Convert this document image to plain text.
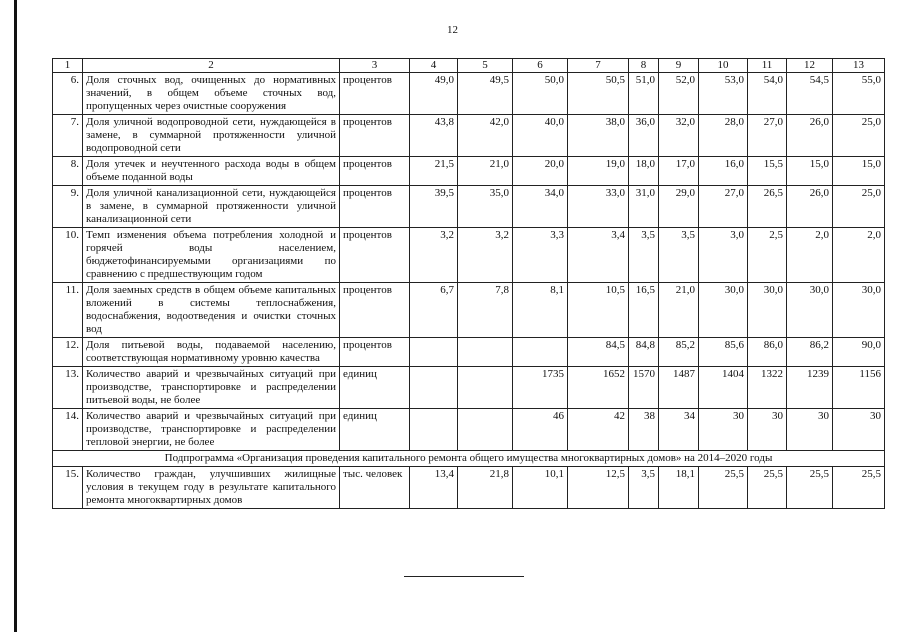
12
1	2	3	4	5	6	7	8	9	10	11	12	13
6.	Доля сточных вод, очищенных до нормативных значений, в общем объеме сточных вод, пропущенных через очистные сооружения	процентов	49,0	49,5	50,0	50,5	51,0	52,0	53,0	54,0	54,5	55,0
7.	Доля уличной водопроводной сети, нуждающейся в замене, в суммарной протяженности уличной водопроводной сети	процентов	43,8	42,0	40,0	38,0	36,0	32,0	28,0	27,0	26,0	25,0
8.	Доля утечек и неучтенного расхода воды в общем объеме поданной воды	процентов	21,5	21,0	20,0	19,0	18,0	17,0	16,0	15,5	15,0	15,0
9.	Доля уличной канализационной сети, нуждающейся в замене, в суммарной протяженности уличной канализационной сети	процентов	39,5	35,0	34,0	33,0	31,0	29,0	27,0	26,5	26,0	25,0
10.	Темп изменения объема потребления холодной и горячей воды населением, бюджетофинансируемыми организациями по сравнению с предшествующим годом	процентов	3,2	3,2	3,3	3,4	3,5	3,5	3,0	2,5	2,0	2,0
11.	Доля заемных средств в общем объеме капитальных вложений в системы теплоснабжения, водоснабжения, водоотведения и очистки сточных вод	процентов	6,7	7,8	8,1	10,5	16,5	21,0	30,0	30,0	30,0	30,0
12.	Доля питьевой воды, подаваемой населению, соответствующая нормативному уровню качества	процентов				84,5	84,8	85,2	85,6	86,0	86,2	90,0
13.	Количество аварий и чрезвычайных ситуаций при производстве, транспортировке и распределении питьевой воды, не более	единиц			1735	1652	1570	1487	1404	1322	1239	1156
14.	Количество аварий и чрезвычайных ситуаций при производстве, транспортировке и распределении тепловой энергии, не более	единиц			46	42	38	34	30	30	30	30
Подпрограмма «Организация проведения капитального ремонта общего имущества многоквартирных домов» на 2014–2020 годы												
15.	Количество граждан, улучшивших жилищные условия в текущем году в результате капитального ремонта многоквартирных домов	тыс. человек	13,4	21,8	10,1	12,5	3,5	18,1	25,5	25,5	25,5	25,5
